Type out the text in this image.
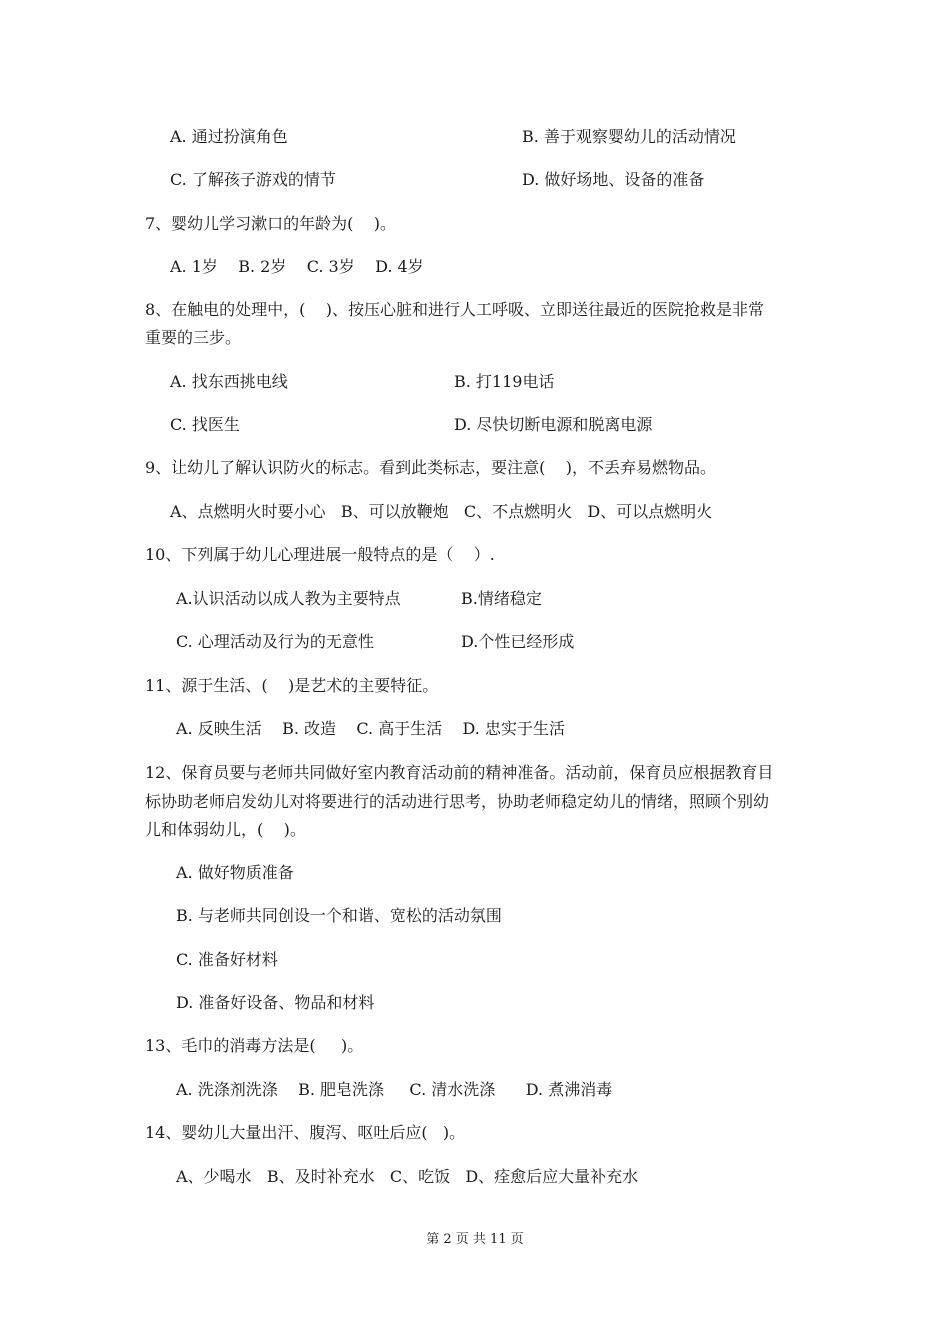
A. 通过扮演角色	B. 善于观察婴幼儿的活动情况
C. 了解孩子游戏的情节	D. 做好场地、设备的准备
7、婴幼儿学习漱口的年龄为(    )。
A. 1岁    B. 2岁    C. 3岁    D. 4岁
8、在触电的处理中，(    )、按压心脏和进行人工呼吸、立即送往最近的医院抢救是非常
重要的三步。
A. 找东西挑电线	B. 打119电话
C. 找医生	D. 尽快切断电源和脱离电源
9、让幼儿了解认识防火的标志。看到此类标志，要注意(    )，不丢弃易燃物品。
A、点燃明火时要小心   B、可以放鞭炮   C、不点燃明火   D、可以点燃明火
10、下列属于幼儿心理进展一般特点的是（    ）.
A.认识活动以成人教为主要特点	B.情绪稳定
C. 心理活动及行为的无意性	D.个性已经形成
11、源于生活、(    )是艺术的主要特征。
A. 反映生活    B. 改造    C. 高于生活    D. 忠实于生活
12、保育员要与老师共同做好室内教育活动前的精神准备。活动前，保育员应根据教育目
标协助老师启发幼儿对将要进行的活动进行思考，协助老师稳定幼儿的情绪，照顾个别幼
儿和体弱幼儿，(    )。
A. 做好物质准备
B. 与老师共同创设一个和谐、宽松的活动氛围
C. 准备好材料
D. 准备好设备、物品和材料
13、毛巾的消毒方法是(     )。
A. 洗涤剂洗涤    B. 肥皂洗涤     C. 清水洗涤      D. 煮沸消毒
14、婴幼儿大量出汗、腹泻、呕吐后应(   )。
A、少喝水   B、及时补充水   C、吃饭   D、痊愈后应大量补充水
第 2 页 共 11 页
